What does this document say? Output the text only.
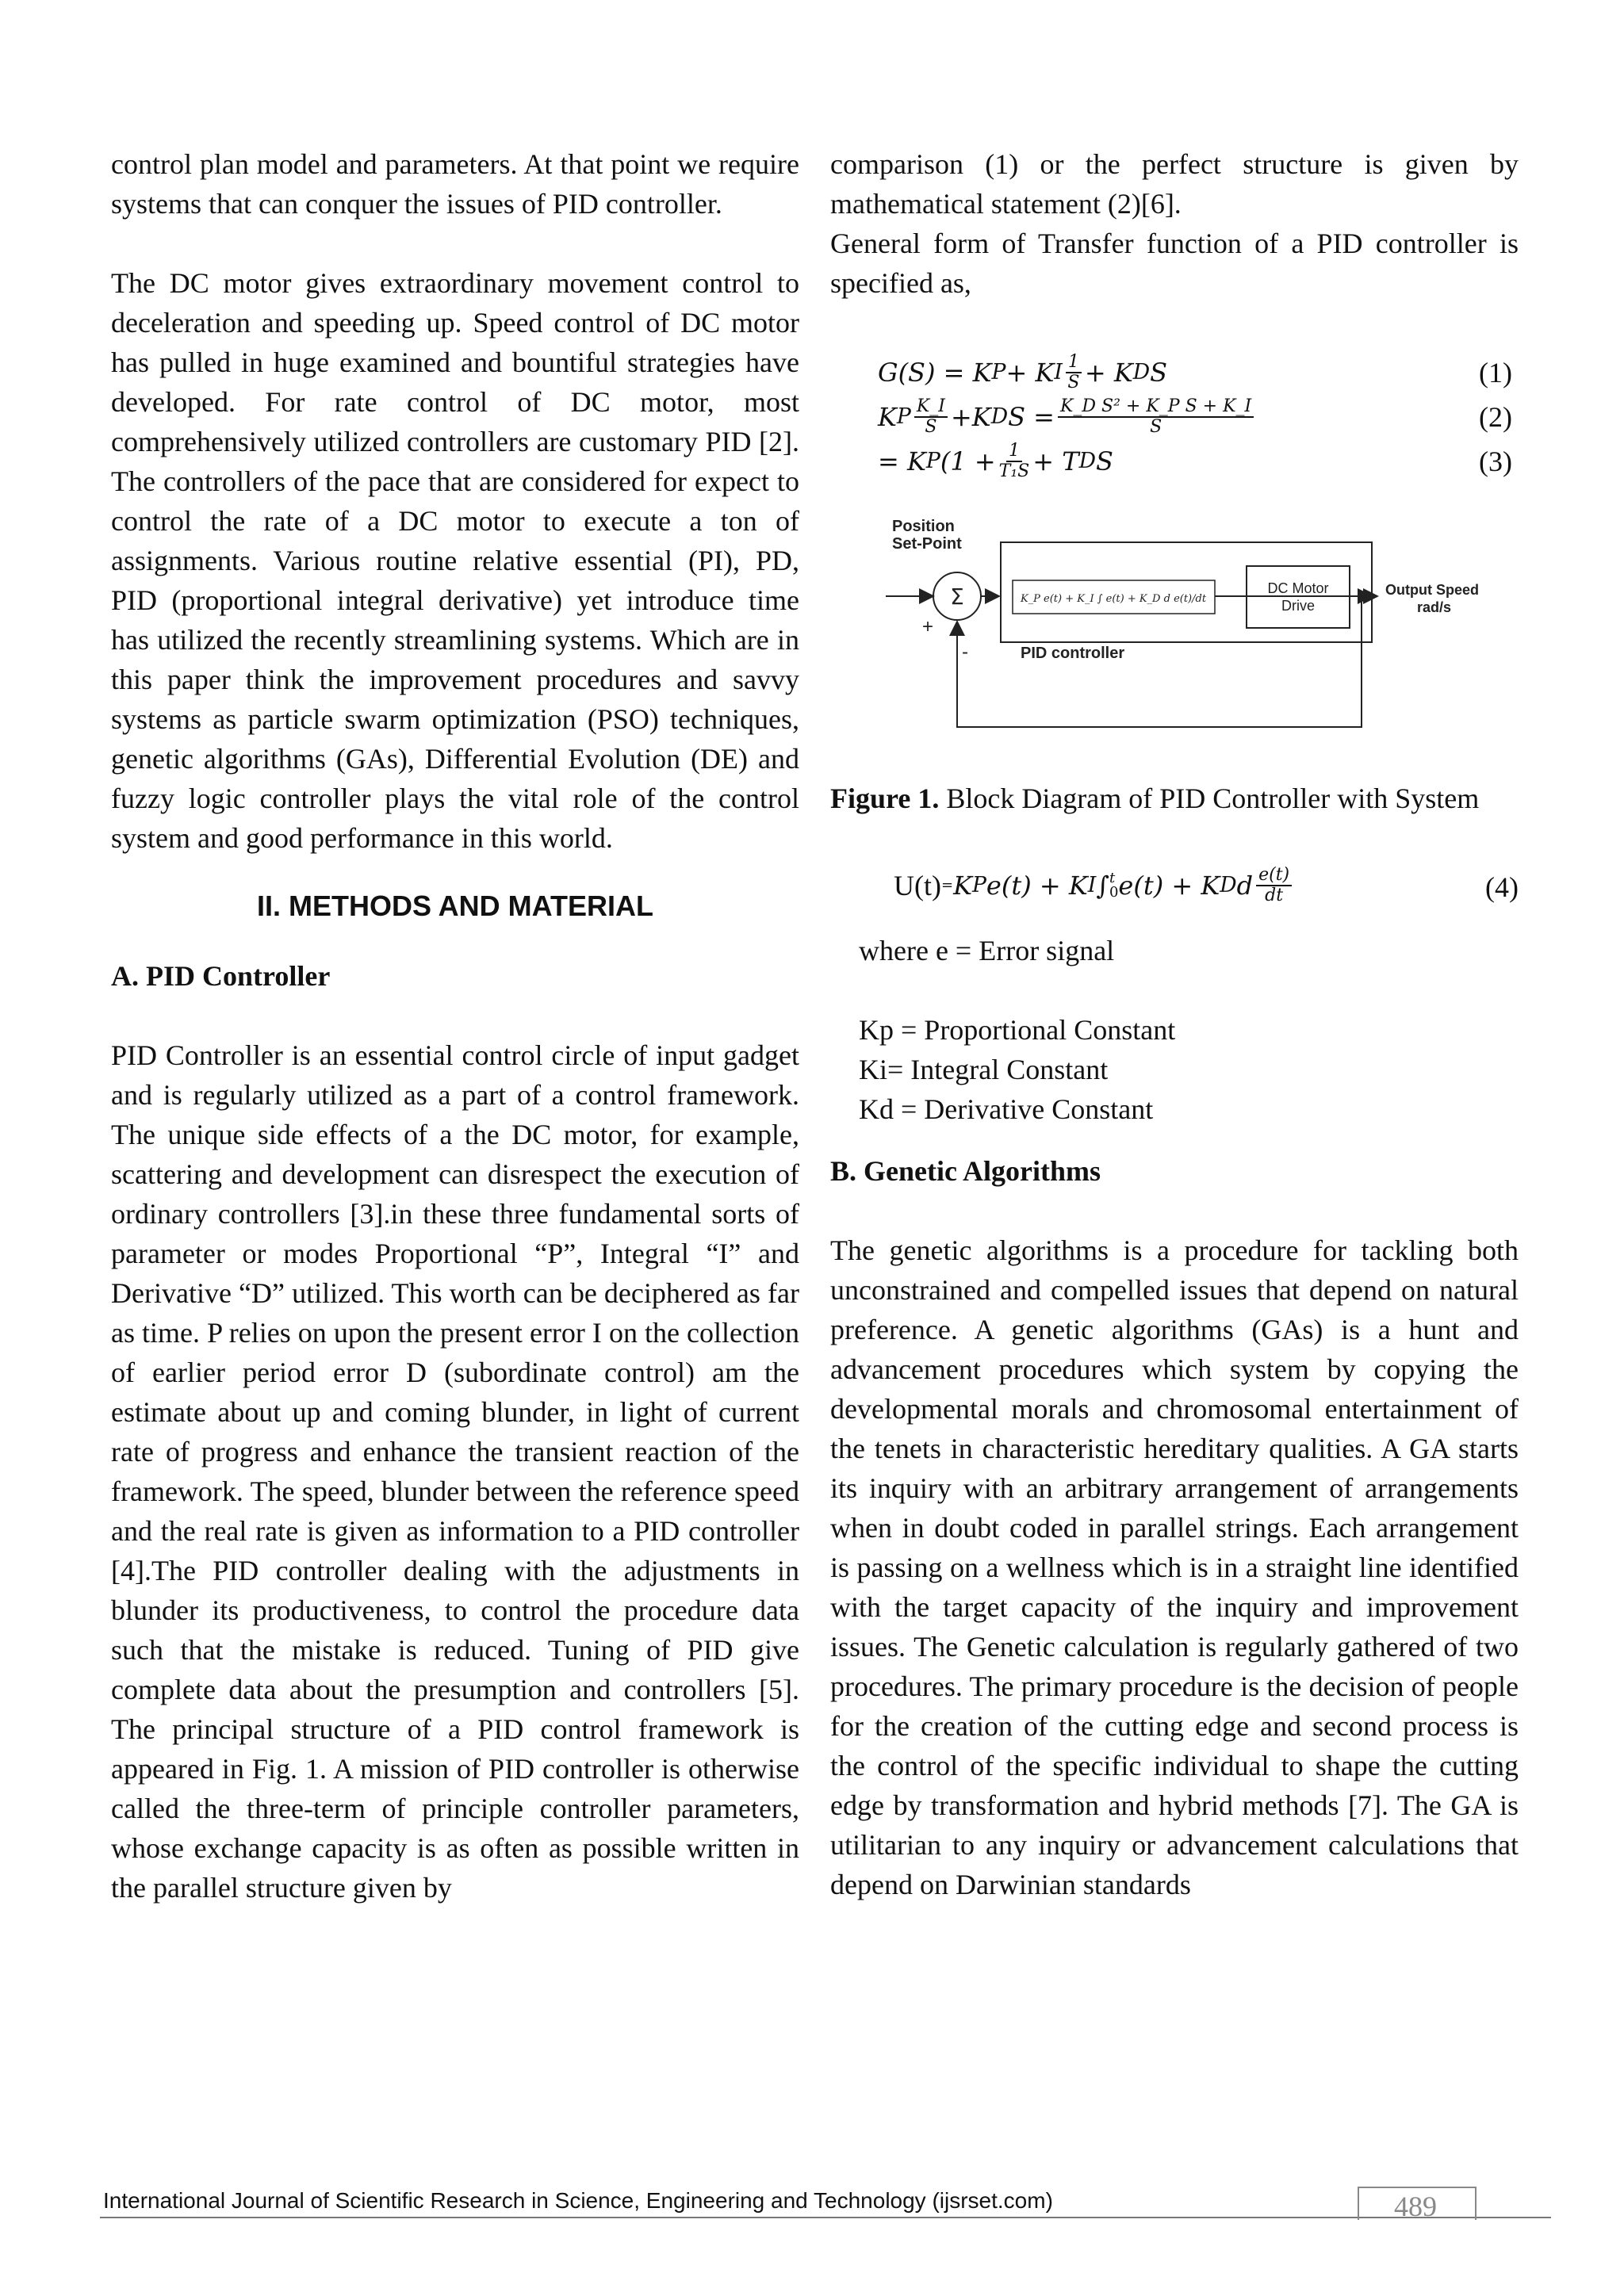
control plan model and parameters. At that point we require systems that can conquer the issues of PID controller.

The DC motor gives extraordinary movement control to deceleration and speeding up. Speed control of DC motor has pulled in huge examined and bountiful strategies have developed. For rate control of DC motor, most comprehensively utilized controllers are customary PID [2]. The controllers of the pace that are considered for expect to control the rate of a DC motor to execute a ton of assignments. Various routine relative essential (PI), PD, PID (proportional integral derivative) yet introduce time has utilized the recently streamlining systems. Which are in this paper think the improvement procedures and savvy systems as particle swarm optimization (PSO) techniques, genetic algorithms (GAs), Differential Evolution (DE) and fuzzy logic controller plays the vital role of the control system and good performance in this world.

II. METHODS AND MATERIAL
A. PID Controller

PID Controller is an essential control circle of input gadget and is regularly utilized as a part of a control framework. The unique side effects of a the DC motor, for example, scattering and development can disrespect the execution of ordinary controllers [3].in these three fundamental sorts of parameter or modes Proportional “P”, Integral “I” and Derivative “D” utilized. This worth can be deciphered as far as time. P relies on upon the present error I on the collection of earlier period error D (subordinate control) am the estimate about up and coming blunder, in light of current rate of progress and enhance the transient reaction of the framework. The speed, blunder between the reference speed and the real rate is given as information to a PID controller [4].The PID controller dealing with the adjustments in blunder its productiveness, to control the procedure data such that the mistake is reduced. Tuning of PID give complete data about the presumption and controllers [5]. The principal structure of a PID control framework is appeared in Fig. 1. A mission of PID controller is otherwise called the three-term of principle controller parameters, whose exchange capacity is as often as possible written in the parallel structure given by

comparison (1) or the perfect structure is given by mathematical statement (2)[6].

General form of Transfer function of a PID controller is specified as,

G(S) = K P + K I $\frac{1}{S} + K$ D S	(1)
K P $\frac{K\_I}{S} +K$ D $S = \frac{\text{K\_D S² + K\_P S + K\_I}}{S}$	(2)
= K P ($1 + \frac{1}{\text{T₁S}} + T$ D S	(3)
Position
Set-Point
Σ
+
-
K_P e(t) + K_I ∫ e(t) + K_D d e(t)/dt
PID controller
DC Motor
Drive
Output Speed
rad/s

Figure 1. Block Diagram of PID Controller with System

U(t) = K P e(t) + K I ∫ t
0 e(t) + K D d $\frac{e(t)}{dt}$	(4)

where e = Error signal

Kp = Proportional Constant

Ki= Integral Constant

Kd = Derivative Constant

B. Genetic Algorithms

The genetic algorithms is a procedure for tackling both unconstrained and compelled issues that depend on natural preference. A genetic algorithms (GAs) is a hunt and advancement procedures which system by copying the developmental morals and chromosomal entertainment of the tenets in characteristic hereditary qualities. A GA starts its inquiry with an arbitrary arrangement of arrangements when in doubt coded in parallel strings. Each arrangement is passing on a wellness which is in a straight line identified with the target capacity of the inquiry and improvement issues. The Genetic calculation is regularly gathered of two procedures. The primary procedure is the decision of people for the creation of the cutting edge and second process is the control of the specific individual to shape the cutting edge by transformation and hybrid methods [7]. The GA is utilitarian to any inquiry or advancement calculations that depend on Darwinian standards

International Journal of Scientific Research in Science, Engineering and Technology (ijsrset.com)	489
